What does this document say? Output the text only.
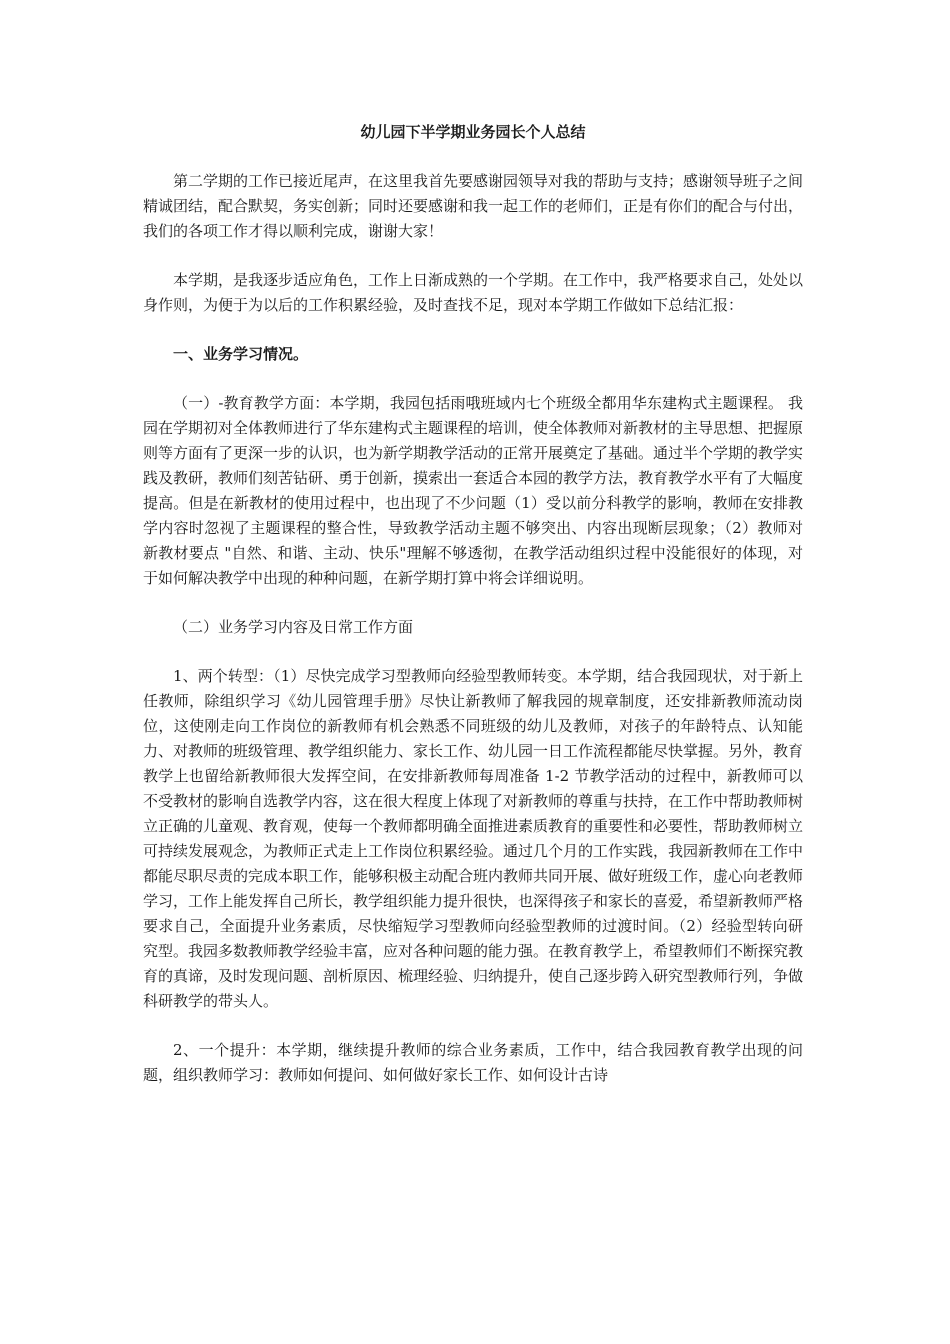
幼儿园下半学期业务园长个人总结

第二学期的工作已接近尾声，在这里我首先要感谢园领导对我的帮助与支持；感谢领导班子之间精诚团结，配合默契，务实创新；同时还要感谢和我一起工作的老师们，正是有你们的配合与付出，我们的各项工作才得以顺利完成，谢谢大家！

本学期，是我逐步适应角色，工作上日渐成熟的一个学期。在工作中，我严格要求自己，处处以身作则，为便于为以后的工作积累经验，及时查找不足，现对本学期工作做如下总结汇报：

一、业务学习情况。

（一）-教育教学方面：本学期，我园包括雨哦班域内七个班级全都用华东建构式主题课程。 我园在学期初对全体教师进行了华东建构式主题课程的培训，使全体教师对新教材的主导思想、把握原则等方面有了更深一步的认识，也为新学期教学活动的正常开展奠定了基础。通过半个学期的教学实践及教研，教师们刻苦钻研、勇于创新，摸索出一套适合本园的教学方法，教育教学水平有了大幅度提高。但是在新教材的使用过程中，也出现了不少问题（1）受以前分科教学的影响，教师在安排教学内容时忽视了主题课程的整合性，导致教学活动主题不够突出、内容出现断层现象；（2）教师对新教材要点 "自然、和谐、主动、快乐"理解不够透彻，在教学活动组织过程中没能很好的体现，对于如何解决教学中出现的种种问题，在新学期打算中将会详细说明。

（二）业务学习内容及日常工作方面

1、两个转型：（1）尽快完成学习型教师向经验型教师转变。本学期，结合我园现状，对于新上任教师，除组织学习《幼儿园管理手册》尽快让新教师了解我园的规章制度，还安排新教师流动岗位，这使刚走向工作岗位的新教师有机会熟悉不同班级的幼儿及教师，对孩子的年龄特点、认知能力、对教师的班级管理、教学组织能力、家长工作、幼儿园一日工作流程都能尽快掌握。另外，教育教学上也留给新教师很大发挥空间，在安排新教师每周准备 1-2 节教学活动的过程中，新教师可以不受教材的影响自选教学内容，这在很大程度上体现了对新教师的尊重与扶持，在工作中帮助教师树立正确的儿童观、教育观，使每一个教师都明确全面推进素质教育的重要性和必要性，帮助教师树立可持续发展观念，为教师正式走上工作岗位积累经验。通过几个月的工作实践，我园新教师在工作中都能尽职尽责的完成本职工作，能够积极主动配合班内教师共同开展、做好班级工作，虚心向老教师学习，工作上能发挥自己所长，教学组织能力提升很快，也深得孩子和家长的喜爱，希望新教师严格要求自己，全面提升业务素质，尽快缩短学习型教师向经验型教师的过渡时间。（2）经验型转向研究型。我园多数教师教学经验丰富，应对各种问题的能力强。在教育教学上，希望教师们不断探究教育的真谛，及时发现问题、剖析原因、梳理经验、归纳提升，使自己逐步跨入研究型教师行列，争做科研教学的带头人。

2、一个提升：本学期，继续提升教师的综合业务素质，工作中，结合我园教育教学出现的问题，组织教师学习：教师如何提问、如何做好家长工作、如何设计古诗
